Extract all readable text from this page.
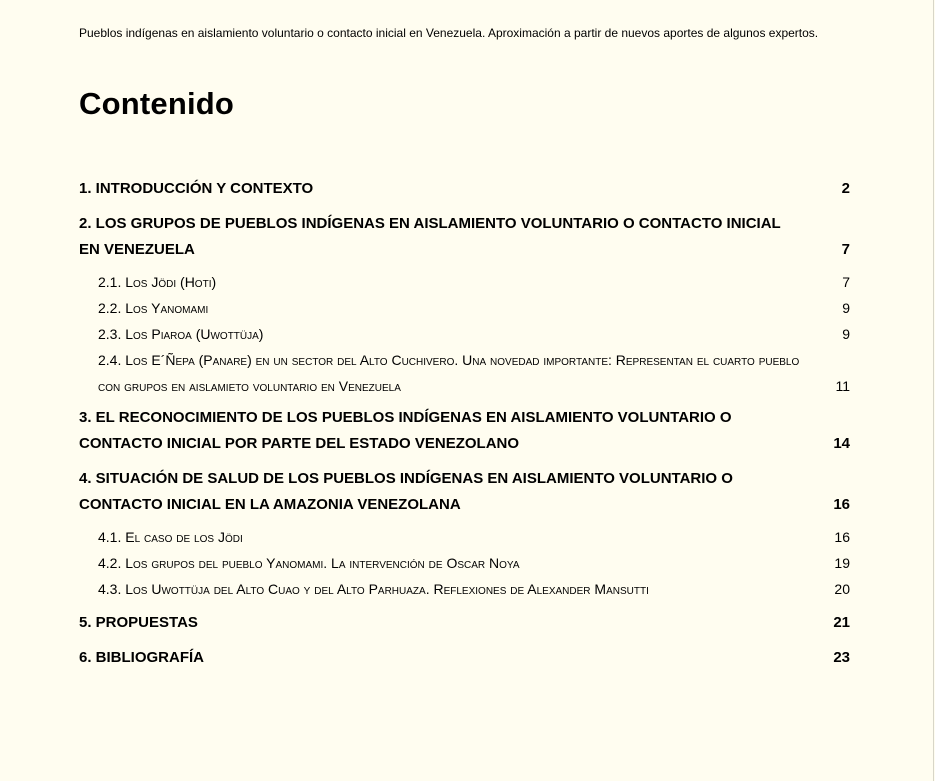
Pueblos indígenas en aislamiento voluntario o contacto inicial en Venezuela. Aproximación a partir de nuevos aportes de algunos expertos.
Contenido
1. INTRODUCCIÓN Y CONTEXTO	2
2. LOS GRUPOS DE PUEBLOS INDÍGENAS EN AISLAMIENTO VOLUNTARIO O CONTACTO INICIAL EN VENEZUELA	7
2.1. Los Jödi (Hoti)	7
2.2. Los Yanomami	9
2.3. Los Piaroa (Uwottüja)	9
2.4. Los E´Ñepa (Panare) en un sector del Alto Cuchivero. Una novedad importante: Representan el cuarto pueblo con grupos en aislamieto voluntario en Venezuela	11
3. EL RECONOCIMIENTO DE LOS PUEBLOS INDÍGENAS EN AISLAMIENTO VOLUNTARIO O CONTACTO INICIAL POR PARTE DEL ESTADO VENEZOLANO	14
4. SITUACIÓN DE SALUD DE LOS PUEBLOS INDÍGENAS EN AISLAMIENTO VOLUNTARIO O CONTACTO INICIAL EN LA AMAZONIA VENEZOLANA	16
4.1. El caso de los Jödi	16
4.2. Los grupos del pueblo Yanomami. La intervención de Oscar Noya	19
4.3. Los Uwottüja del Alto Cuao y del Alto Parhuaza. Reflexiones de Alexander Mansutti	20
5. PROPUESTAS	21
6. BIBLIOGRAFÍA	23
